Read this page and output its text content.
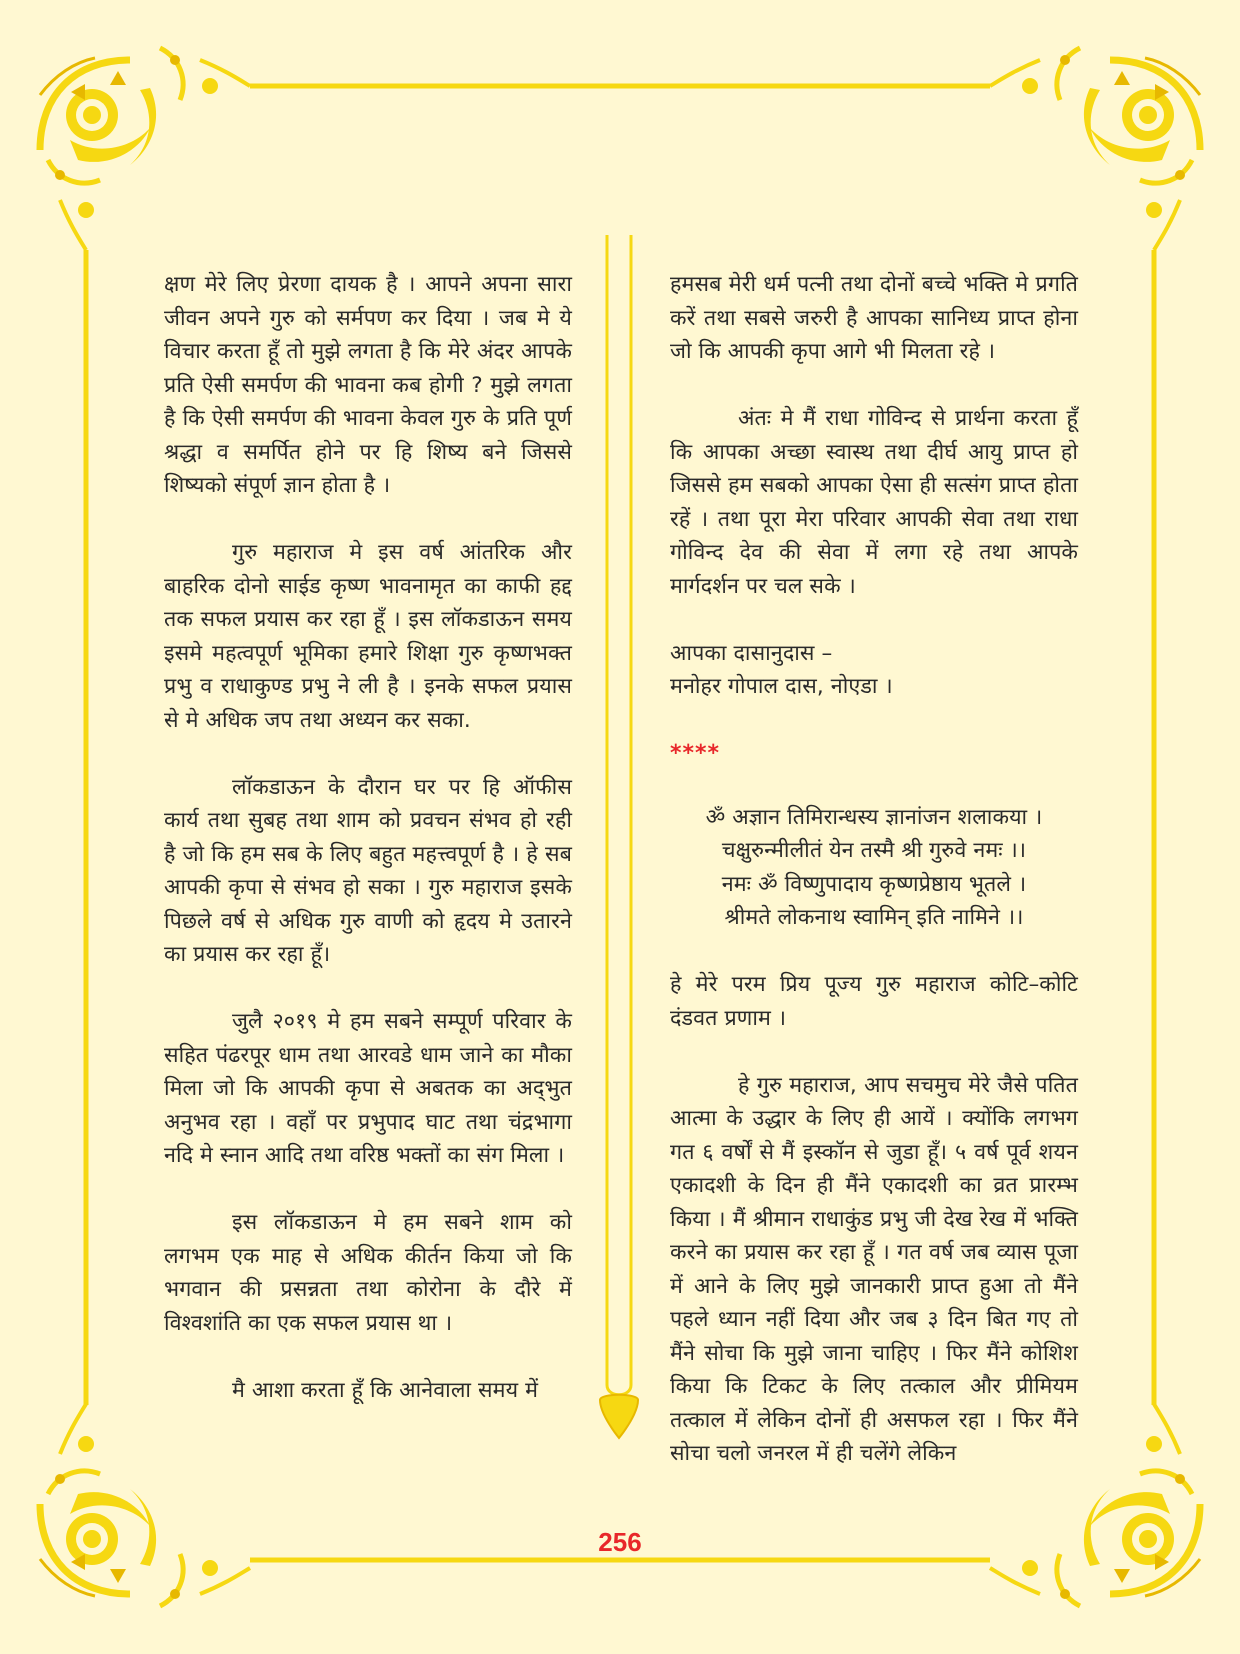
क्षण मेरे लिए प्रेरणा दायक है । आपने अपना सारा जीवन अपने गुरु को सर्मपण कर दिया । जब मे ये विचार करता हूँ तो मुझे लगता है कि मेरे अंदर आपके प्रति ऐसी समर्पण की भावना कब होगी ? मुझे लगता है कि ऐसी समर्पण की भावना केवल गुरु के प्रति पूर्ण श्रद्धा व समर्पित होने पर हि शिष्य बने जिससे शिष्यको संपूर्ण ज्ञान होता है ।

गुरु महाराज मे इस वर्ष आंतरिक और बाहरिक दोनो साईड कृष्ण भावनामृत का काफी हद्द तक सफल प्रयास कर रहा हूँ । इस लॉकडाऊन समय इसमे महत्वपूर्ण भूमिका हमारे शिक्षा गुरु कृष्णभक्त प्रभु व राधाकुण्ड प्रभु ने ली है । इनके सफल प्रयास से मे अधिक जप तथा अध्यन कर सका.

लॉकडाऊन के दौरान घर पर हि ऑफीस कार्य तथा सुबह तथा शाम को प्रवचन संभव हो रही है जो कि हम सब के लिए बहुत महत्त्वपूर्ण है । हे सब आपकी कृपा से संभव हो सका । गुरु महाराज इसके पिछले वर्ष से अधिक गुरु वाणी को हृदय मे उतारने का प्रयास कर रहा हूँ।

जुलै २०१९ मे हम सबने सम्पूर्ण परिवार के सहित पंढरपूर धाम तथा आरवडे धाम जाने का मौका मिला जो कि आपकी कृपा से अबतक का अद्‌भुत अनुभव रहा । वहाँ पर प्रभुपाद घाट तथा चंद्रभागा नदि मे स्नान आदि तथा वरिष्ठ भक्तों का संग मिला ।

इस लॉकडाऊन मे हम सबने शाम को लगभम एक माह से अधिक कीर्तन किया जो कि भगवान की प्रसन्नता तथा कोरोना के दौरे में विश्वशांति का एक सफल प्रयास था ।

मै आशा करता हूँ कि आनेवाला समय में

हमसब मेरी धर्म पत्नी तथा दोनों बच्चे भक्ति मे प्रगति करें तथा सबसे जरुरी है आपका सानिध्य प्राप्त होना जो कि आपकी कृपा आगे भी मिलता रहे ।

अंतः मे मैं राधा गोविन्द से प्रार्थना करता हूँ कि आपका अच्छा स्वास्थ तथा दीर्घ आयु प्राप्त हो जिससे हम सबको आपका ऐसा ही सत्संग प्राप्त होता रहें । तथा पूरा मेरा परिवार आपकी सेवा तथा राधा गोविन्द देव की सेवा में लगा रहे तथा आपके मार्गदर्शन पर चल सके ।

आपका दासानुदास –

मनोहर गोपाल दास, नोएडा ।

****
ॐ अज्ञान तिमिरान्धस्य ज्ञानांजन शलाकया ।
चक्षुरुन्मीलीतं येन तस्मै श्री गुरुवे नमः ।।
नमः ॐ विष्णुपादाय कृष्णप्रेष्ठाय भूतले ।
श्रीमते लोकनाथ स्वामिन् इति नामिने ।।

हे मेरे परम प्रिय पूज्य गुरु महाराज कोटि–कोटि दंडवत प्रणाम ।

हे गुरु महाराज, आप सचमुच मेरे जैसे पतित आत्मा के उद्धार के लिए ही आयें । क्योंकि लगभग गत ६ वर्षों से मैं इस्कॉन से जुडा हूँ। ५ वर्ष पूर्व शयन एकादशी के दिन ही मैंने एकादशी का व्रत प्रारम्भ किया । मैं श्रीमान राधाकुंड प्रभु जी देख रेख में भक्ति करने का प्रयास कर रहा हूँ । गत वर्ष जब व्यास पूजा में आने के लिए मुझे जानकारी प्राप्त हुआ तो मैंने पहले ध्यान नहीं दिया और जब ३ दिन बित गए तो मैंने सोचा कि मुझे जाना चाहिए । फिर मैंने कोशिश किया कि टिकट के लिए तत्काल और प्रीमियम तत्काल में लेकिन दोनों ही असफल रहा । फिर मैंने सोचा चलो जनरल में ही चलेंगे लेकिन

256
